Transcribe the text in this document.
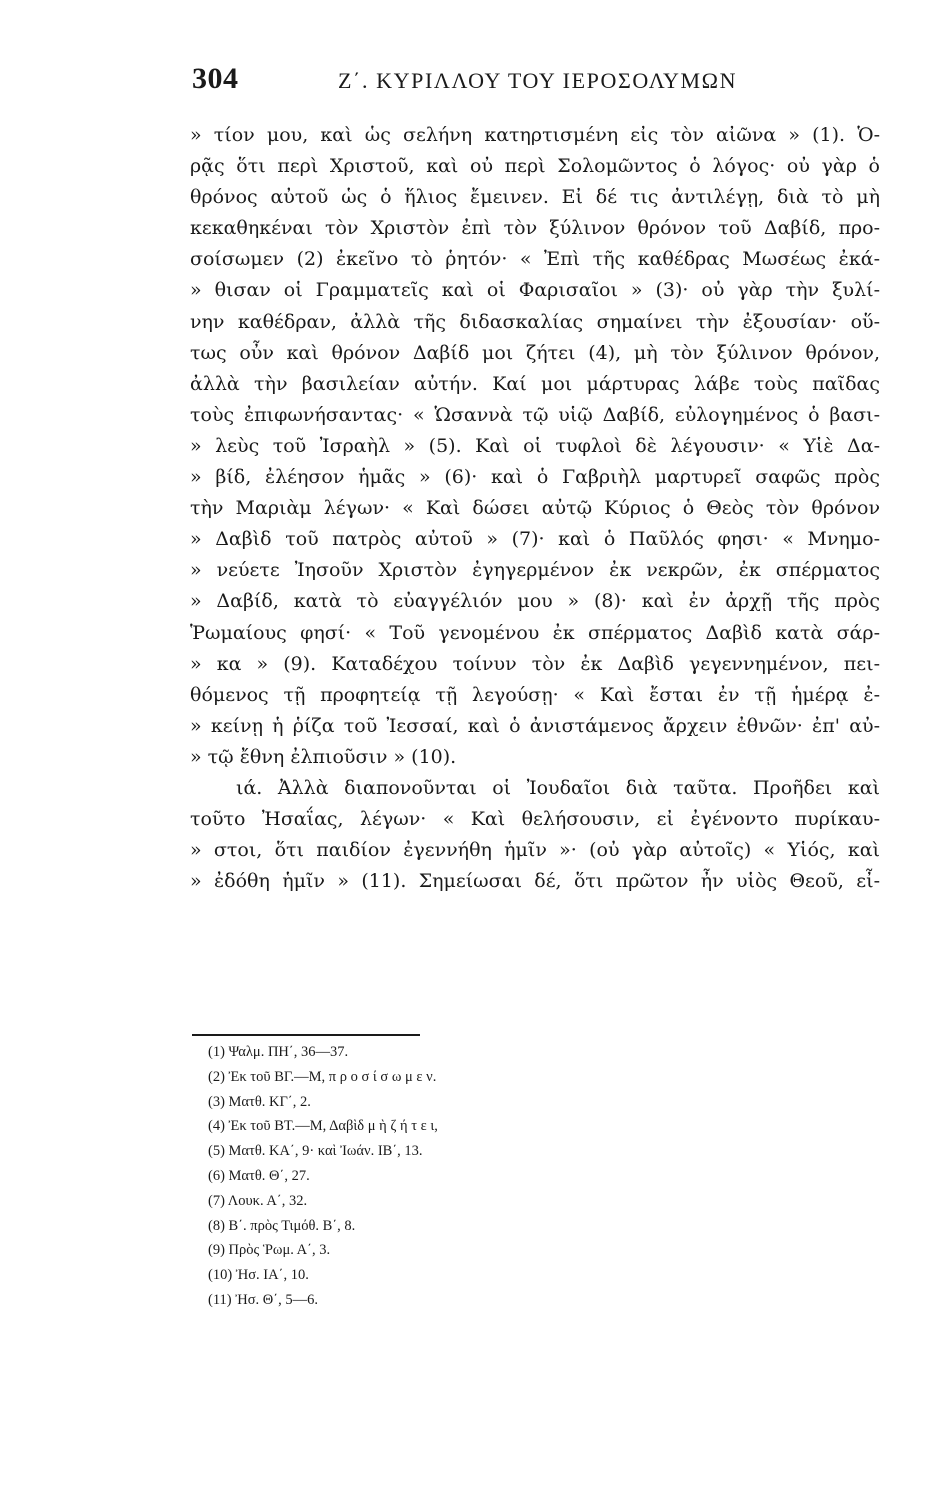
304	Ζ΄. ΚΥΡΙΛΛΟΥ ΤΟΥ ΙΕΡΟΣΟΛΥΜΩΝ
» τίον μου, καὶ ὡς σελήνη κατηρτισμένη εἰς τὸν αἰῶνα » (1). Ὁ-
ρᾷς ὅτι περὶ Χριστοῦ, καὶ οὐ περὶ Σολομῶντος ὁ λόγος· οὐ γὰρ ὁ
θρόνος αὐτοῦ ὡς ὁ ἥλιος ἔμεινεν. Εἰ δέ τις ἀντιλέγῃ, διὰ τὸ μὴ
κεκαθηκέναι τὸν Χριστὸν ἐπὶ τὸν ξύλινον θρόνον τοῦ Δαβίδ, προ-
σοίσωμεν (2) ἐκεῖνο τὸ ῥητόν· « Ἐπὶ τῆς καθέδρας Μωσέως ἐκά-
» θισαν οἱ Γραμματεῖς καὶ οἱ Φαρισαῖοι » (3)· οὐ γὰρ τὴν ξυλί-
νην καθέδραν, ἀλλὰ τῆς διδασκαλίας σημαίνει τὴν ἐξουσίαν· οὕ-
τως οὖν καὶ θρόνον Δαβίδ μοι ζήτει (4), μὴ τὸν ξύλινον θρόνον,
ἀλλὰ τὴν βασιλείαν αὐτήν. Καί μοι μάρτυρας λάβε τοὺς παῖδας
τοὺς ἐπιφωνήσαντας· « Ὡσαννὰ τῷ υἱῷ Δαβίδ, εὐλογημένος ὁ βασι-
» λεὺς τοῦ Ἰσραὴλ » (5). Καὶ οἱ τυφλοὶ δὲ λέγουσιν· « Υἱὲ Δα-
» βίδ, ἐλέησον ἡμᾶς » (6)· καὶ ὁ Γαβριὴλ μαρτυρεῖ σαφῶς πρὸς
τὴν Μαριὰμ λέγων· « Καὶ δώσει αὐτῷ Κύριος ὁ Θεὸς τὸν θρόνον
» Δαβὶδ τοῦ πατρὸς αὐτοῦ » (7)· καὶ ὁ Παῦλός φησι· « Μνημο-
» νεύετε Ἰησοῦν Χριστὸν ἐγηγερμένον ἐκ νεκρῶν, ἐκ σπέρματος
» Δαβίδ, κατὰ τὸ εὐαγγέλιόν μου » (8)· καὶ ἐν ἀρχῇ τῆς πρὸς
Ῥωμαίους φησί· « Τοῦ γενομένου ἐκ σπέρματος Δαβὶδ κατὰ σάρ-
» κα » (9). Καταδέχου τοίνυν τὸν ἐκ Δαβὶδ γεγεννημένον, πει-
θόμενος τῇ προφητείᾳ τῇ λεγούσῃ· « Καὶ ἔσται ἐν τῇ ἡμέρᾳ ἐ-
» κείνῃ ἡ ῥίζα τοῦ Ἰεσσαί, καὶ ὁ ἀνιστάμενος ἄρχειν ἐθνῶν· ἐπ' αὐ-
» τῷ ἔθνη ἐλπιοῦσιν » (10).
ιά. Ἀλλὰ διαπονοῦνται οἱ Ἰουδαῖοι διὰ ταῦτα. Προῆδει καὶ
τοῦτο Ἠσαΐας, λέγων· « Καὶ θελήσουσιν, εἰ ἐγένοντο πυρίκαυ-
» στοι, ὅτι παιδίον ἐγεννήθη ἡμῖν »· (οὐ γὰρ αὐτοῖς) « Υἱός, καὶ
» ἐδόθη ἡμῖν » (11). Σημείωσαι δέ, ὅτι πρῶτον ἦν υἱὸς Θεοῦ, εἶ-
(1) Ψαλμ. ΠΗ΄, 36—37.
(2) Ἐκ τοῦ ΒΓ.—Μ, π ρ ο σ ί σ ω μ ε ν.
(3) Ματθ. ΚΓ΄, 2.
(4) Ἐκ τοῦ ΒΤ.—Μ, Δαβὶδ μ ὴ ζ ή τ ε ι,
(5) Ματθ. ΚΑ΄, 9· καὶ Ἰωάν. ΙΒ΄, 13.
(6) Ματθ. Θ΄, 27.
(7) Λουκ. Α΄, 32.
(8) Β΄. πρὸς Τιμόθ. Β΄, 8.
(9) Πρὸς Ῥωμ. Α΄, 3.
(10) Ἠσ. ΙΑ΄, 10.
(11) Ἠσ. Θ΄, 5—6.
